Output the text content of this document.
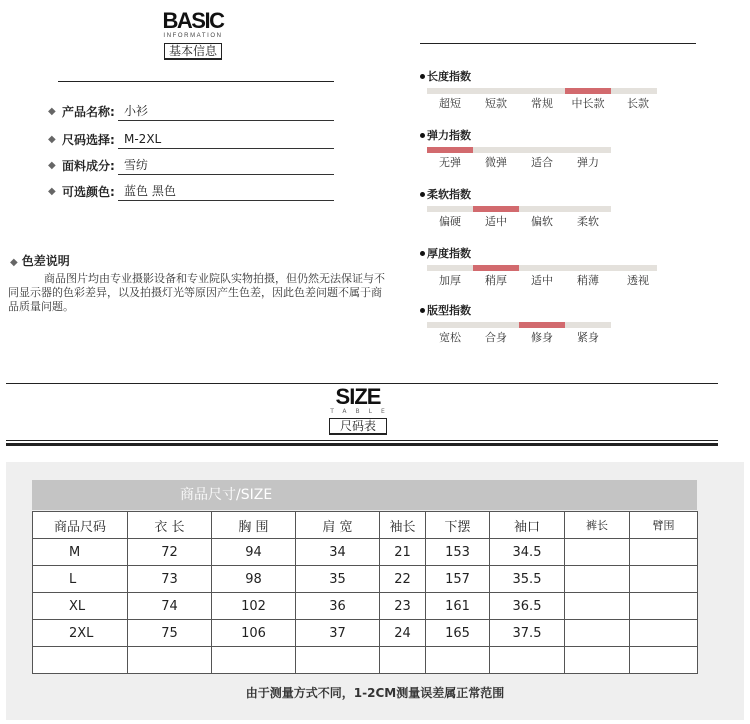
BASIC
INFORMATION
基本信息
◆ 产品名称: 小衫
◆ 尺码选择: M-2XL
◆ 面料成分: 雪纺
◆ 可选颜色: 蓝色 黑色
◆ 色差说明
商品图片均由专业摄影设备和专业院队实物拍摄，但仍然无法保证与不同显示器的色彩差异，以及拍摄灯光等原因产生色差，因此色差问题不属于商品质量问题。
长度指数
超短	短款	常规	中长款	长款
弹力指数
无弹	微弹	适合	弹力
柔软指数
偏硬	适中	偏软	柔软
厚度指数
加厚	稍厚	适中	稍薄	透视
版型指数
宽松	合身	修身	紧身
SIZE
TABLE
尺码表
商品尺寸/SIZE
商品尺码	衣 长	胸 围	肩 宽	袖长	下摆	袖口	裤长	臂围
M	72	94	34	21	153	34.5		
L	73	98	35	22	157	35.5		
XL	74	102	36	23	161	36.5		
2XL	75	106	37	24	165	37.5		

由于测量方式不同，1-2CM测量误差属正常范围
